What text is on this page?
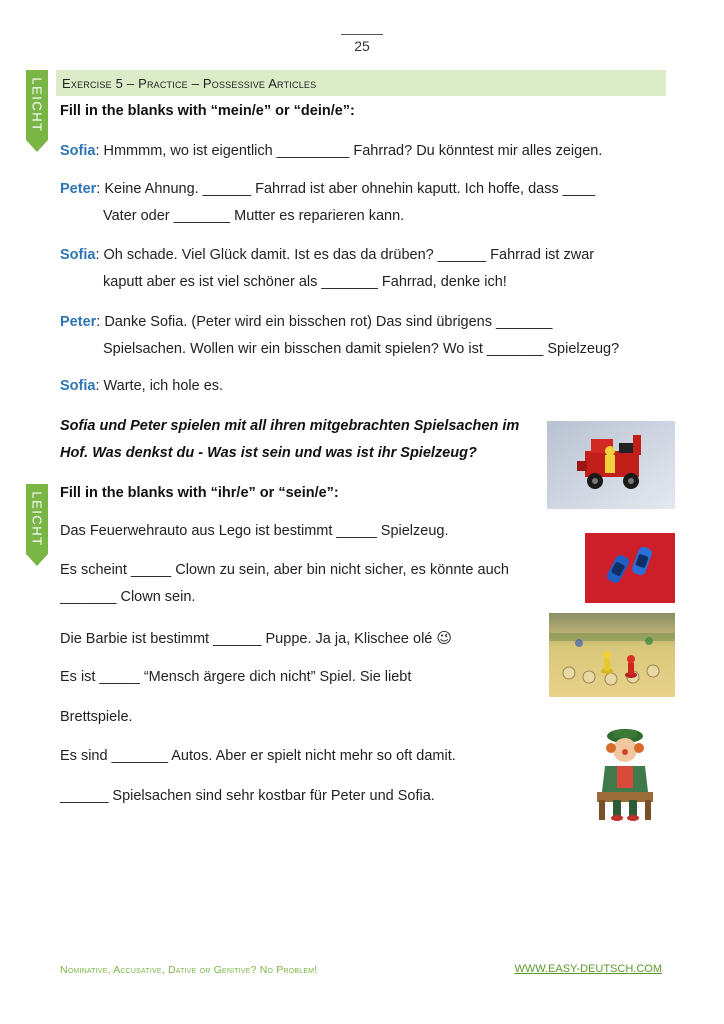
25
LEICHT
LEICHT
Exercise 5 – Practice – Possessive Articles
Fill in the blanks with “mein/e” or “dein/e”:
Sofia: Hmmmm, wo ist eigentlich _________ Fahrrad? Du könntest mir alles zeigen.
Peter: Keine Ahnung. ______ Fahrrad ist aber ohnehin kaputt. Ich hoffe, dass ____
Vater oder _______ Mutter es reparieren kann.
Sofia: Oh schade. Viel Glück damit. Ist es das da drüben? ______ Fahrrad ist zwar
kaputt aber es ist viel schöner als _______ Fahrrad, denke ich!
Peter: Danke Sofia. (Peter wird ein bisschen rot) Das sind übrigens _______
Spielsachen. Wollen wir ein bisschen damit spielen? Wo ist _______ Spielzeug?
Sofia: Warte, ich hole es.
Sofia und Peter spielen mit all ihren mitgebrachten Spielsachen im
Hof. Was denkst du - Was ist sein und was ist ihr Spielzeug?
Fill in the blanks with “ihr/e” or “sein/e”:
Das Feuerwehrauto aus Lego ist bestimmt _____ Spielzeug.
Es scheint _____ Clown zu sein, aber bin nicht sicher, es könnte auch
_______ Clown sein.
Die Barbie ist bestimmt ______ Puppe. Ja ja, Klischee olé 😉
Es ist _____ “Mensch ärgere dich nicht” Spiel. Sie liebt
Brettspiele.
Es sind _______ Autos. Aber er spielt nicht mehr so oft damit.
______ Spielsachen sind sehr kostbar für Peter und Sofia.
Nominative, Accusative, Dative or Genitive? No Problem!	WWW.EASY-DEUTSCH.COM
